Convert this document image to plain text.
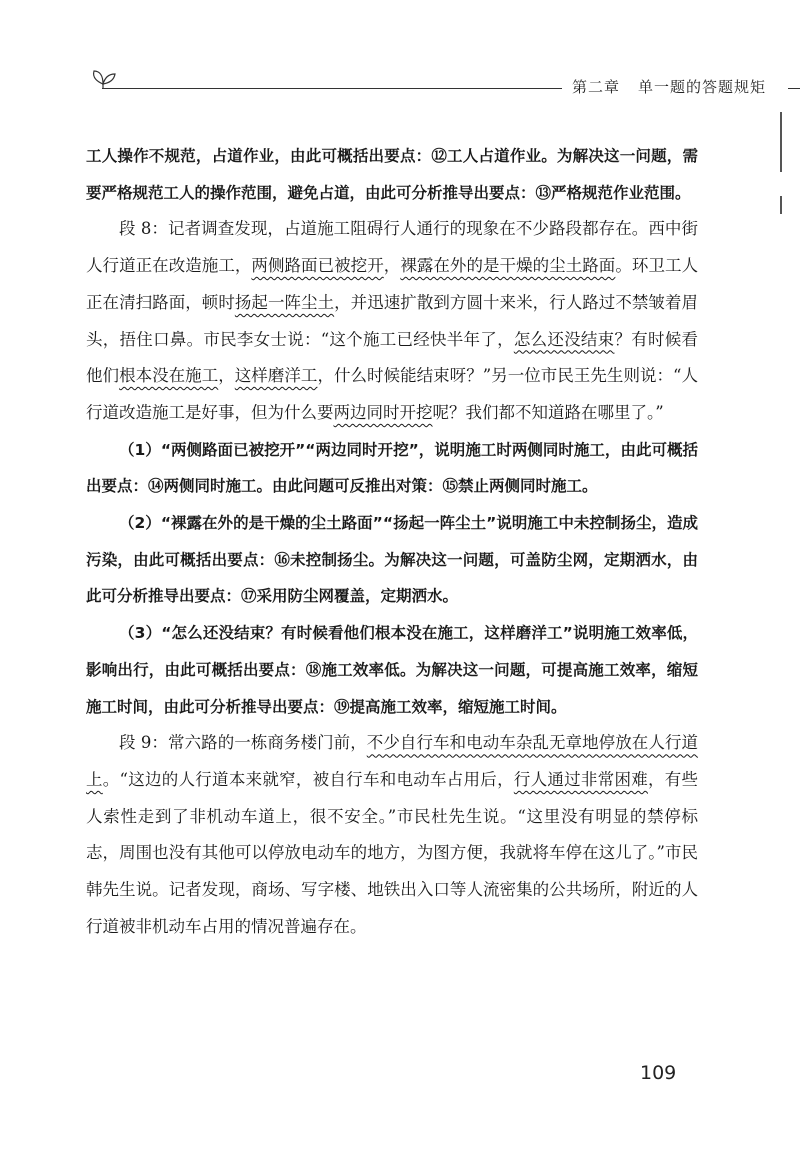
第二章 单一题的答题规矩

工人操作不规范，占道作业，由此可概括出要点：⑫工人占道作业。为解决这一问题，需要严格规范工人的操作范围，避免占道，由此可分析推导出要点：⑬严格规范作业范围。

段 8：记者调查发现，占道施工阻碍行人通行的现象在不少路段都存在。西中街人行道正在改造施工，两侧路面已被挖开，裸露在外的是干燥的尘土路面。环卫工人正在清扫路面，顿时扬起一阵尘土，并迅速扩散到方圆十来米，行人路过不禁皱着眉头，捂住口鼻。市民李女士说：“这个施工已经快半年了，怎么还没结束？有时候看他们根本没在施工，这样磨洋工，什么时候能结束呀？”另一位市民王先生则说：“人行道改造施工是好事，但为什么要两边同时开挖呢？我们都不知道路在哪里了。”

（1）“两侧路面已被挖开”“两边同时开挖”，说明施工时两侧同时施工，由此可概括出要点：⑭两侧同时施工。由此问题可反推出对策：⑮禁止两侧同时施工。

（2）“裸露在外的是干燥的尘土路面”“扬起一阵尘土”说明施工中未控制扬尘，造成污染，由此可概括出要点：⑯未控制扬尘。为解决这一问题，可盖防尘网，定期洒水，由此可分析推导出要点：⑰采用防尘网覆盖，定期洒水。

（3）“怎么还没结束？有时候看他们根本没在施工，这样磨洋工”说明施工效率低，影响出行，由此可概括出要点：⑱施工效率低。为解决这一问题，可提高施工效率，缩短施工时间，由此可分析推导出要点：⑲提高施工效率，缩短施工时间。

段 9：常六路的一栋商务楼门前，不少自行车和电动车杂乱无章地停放在人行道上。“这边的人行道本来就窄，被自行车和电动车占用后，行人通过非常困难，有些人索性走到了非机动车道上，很不安全。”市民杜先生说。“这里没有明显的禁停标志，周围也没有其他可以停放电动车的地方，为图方便，我就将车停在这儿了。”市民韩先生说。记者发现，商场、写字楼、地铁出入口等人流密集的公共场所，附近的人行道被非机动车占用的情况普遍存在。

109
